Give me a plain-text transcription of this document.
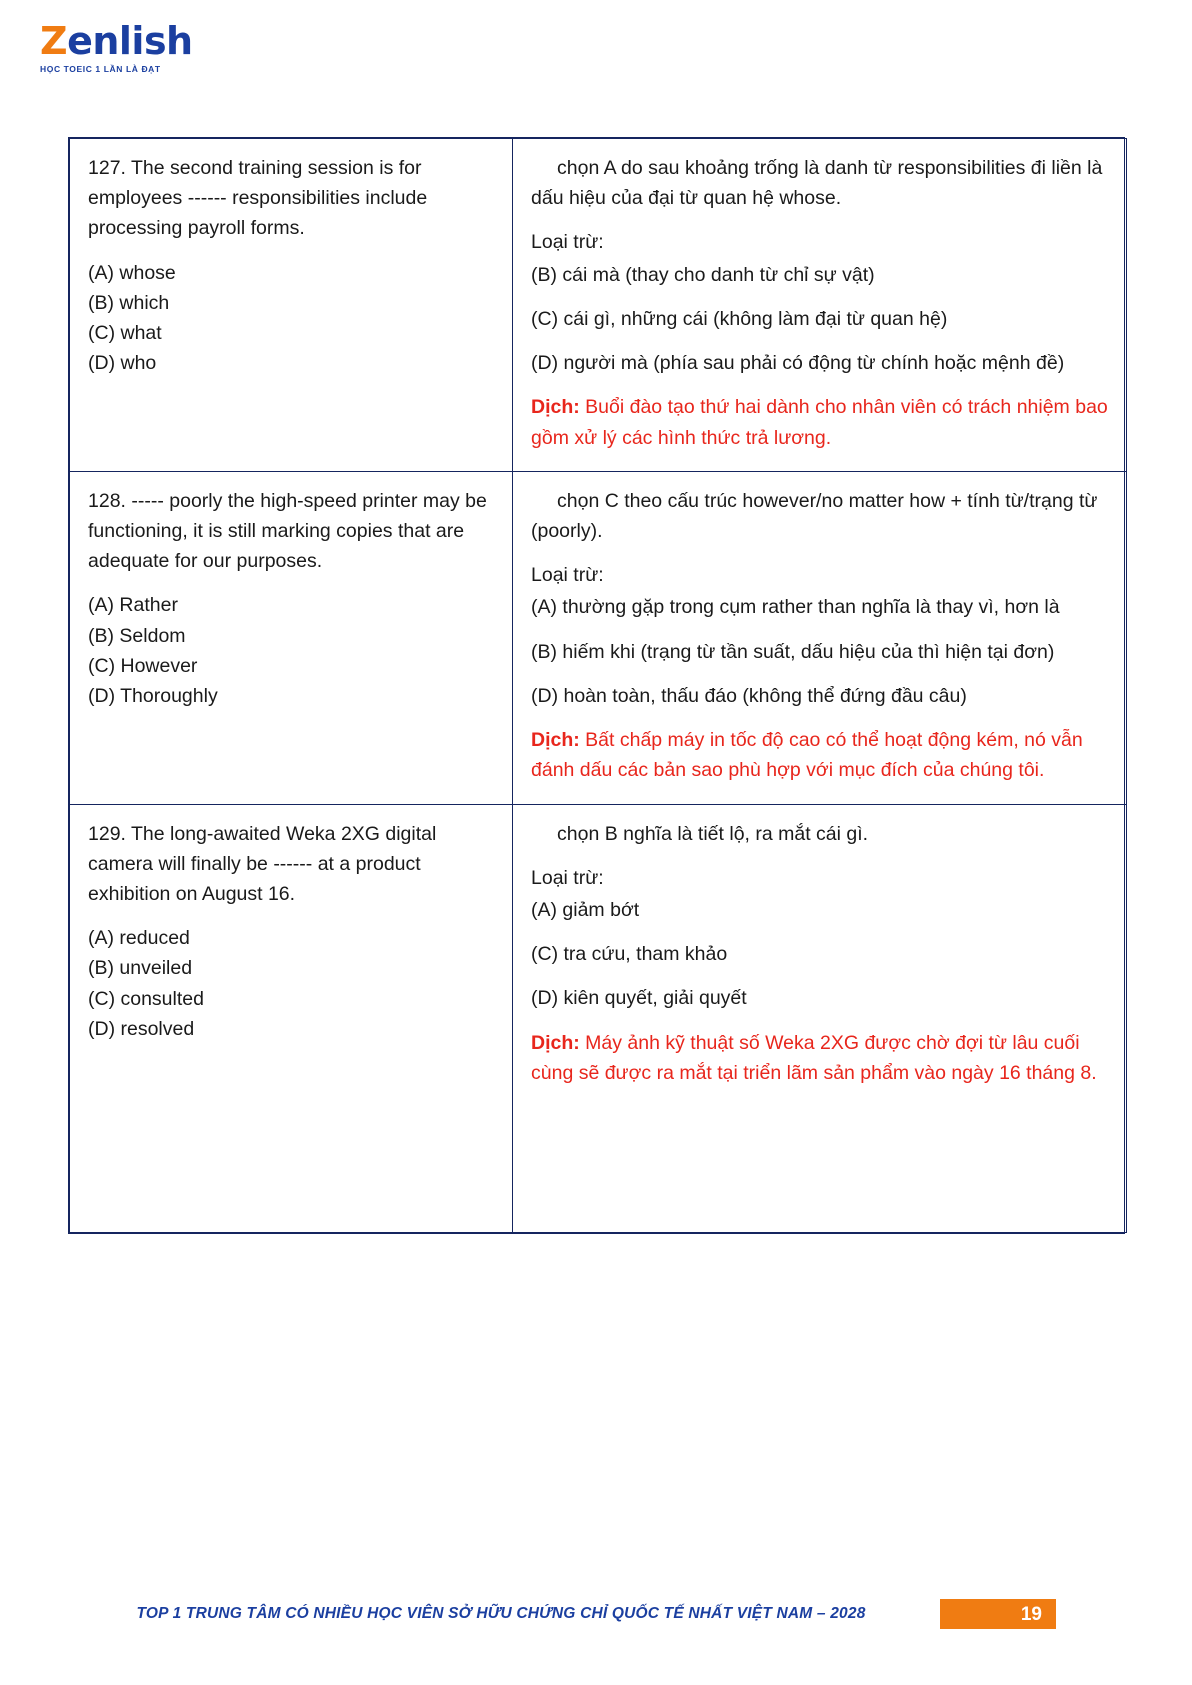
Zenlish
HỌC TOEIC 1 LẦN LÀ ĐẠT

127. The second training session is for employees ------ responsibilities include processing payroll forms.

(A) whose
(B) which
(C) what
(D) who

chọn A do sau khoảng trống là danh từ responsibilities đi liền là dấu hiệu của đại từ quan hệ whose.

Loại trừ:

(B) cái mà (thay cho danh từ chỉ sự vật)

(C) cái gì, những cái (không làm đại từ quan hệ)

(D) người mà (phía sau phải có động từ chính hoặc mệnh đề)

Dịch: Buổi đào tạo thứ hai dành cho nhân viên có trách nhiệm bao gồm xử lý các hình thức trả lương.

128. ----- poorly the high-speed printer may be functioning, it is still marking copies that are adequate for our purposes.

(A) Rather
(B) Seldom
(C) However
(D) Thoroughly

chọn C theo cấu trúc however/no matter how + tính từ/trạng từ (poorly).

Loại trừ:

(A) thường gặp trong cụm rather than nghĩa là thay vì, hơn là

(B) hiếm khi (trạng từ tần suất, dấu hiệu của thì hiện tại đơn)

(D) hoàn toàn, thấu đáo (không thể đứng đầu câu)

Dịch: Bất chấp máy in tốc độ cao có thể hoạt động kém, nó vẫn đánh dấu các bản sao phù hợp với mục đích của chúng tôi.

129. The long-awaited Weka 2XG digital camera will finally be ------ at a product exhibition on August 16.

(A) reduced
(B) unveiled
(C) consulted
(D) resolved

chọn B nghĩa là tiết lộ, ra mắt cái gì.

Loại trừ:

(A) giảm bớt

(C) tra cứu, tham khảo

(D) kiên quyết, giải quyết

Dịch: Máy ảnh kỹ thuật số Weka 2XG được chờ đợi từ lâu cuối cùng sẽ được ra mắt tại triển lãm sản phẩm vào ngày 16 tháng 8.

19
TOP 1 TRUNG TÂM CÓ NHIỀU HỌC VIÊN SỞ HỮU CHỨNG CHỈ QUỐC TẾ NHẤT VIỆT NAM – 2028
